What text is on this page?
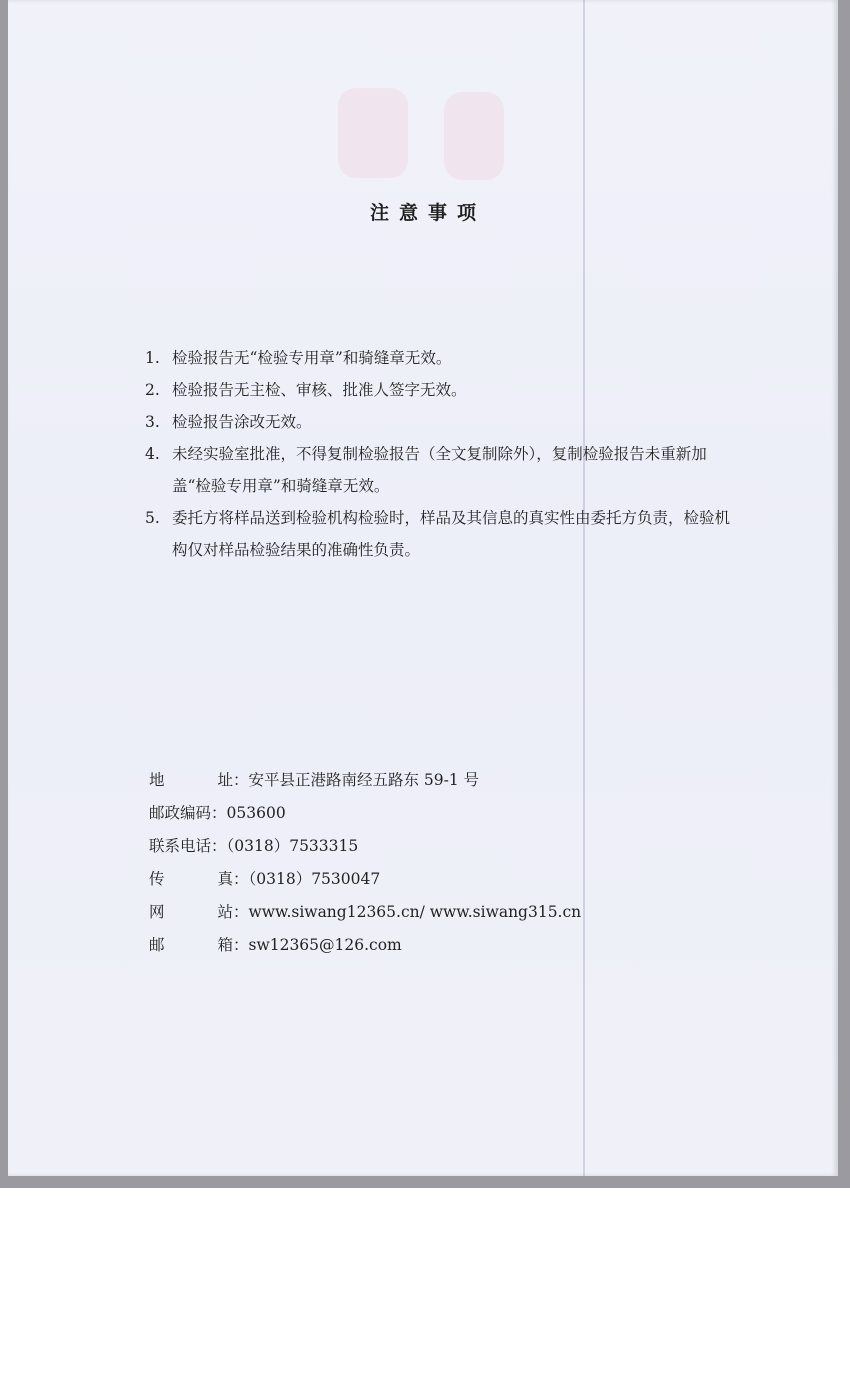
注意事项
1. 检验报告无“检验专用章”和骑缝章无效。
2. 检验报告无主检、审核、批准人签字无效。
3. 检验报告涂改无效。
4. 未经实验室批准，不得复制检验报告（全文复制除外），复制检验报告未重新加盖“检验专用章”和骑缝章无效。
5. 委托方将样品送到检验机构检验时，样品及其信息的真实性由委托方负责，检验机构仅对样品检验结果的准确性负责。
地	址 ：安平县正港路南经五路东 59-1 号
邮政编码 ：053600
联系电话 ：（0318）7533315
传	真 ：（0318）7530047
网	站 ：www.siwang12365.cn/ www.siwang315.cn
邮	箱 ：sw12365@126.com
